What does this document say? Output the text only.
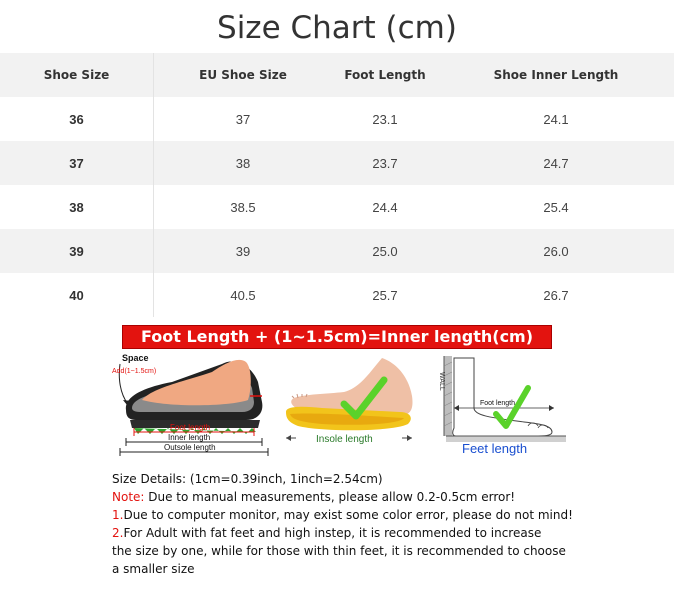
Size Chart (cm)
Shoe Size	EU Shoe Size	Foot Length	Shoe Inner Length
36	37	23.1	24.1
37	38	23.7	24.7
38	38.5	24.4	25.4
39	39	25.0	26.0
40	40.5	25.7	26.7
Foot Length + (1~1.5cm)=Inner length(cm)
Space
Add(1~1.5cm)
Foot length
Inner length
Outsole length
Insole length
WALL
Foot length
Feet length
Size Details: (1cm=0.39inch, 1inch=2.54cm)
Note: Due to manual measurements, please allow 0.2-0.5cm error!
1.Due to computer monitor, may exist some color error, please do not mind!
2.For Adult with fat feet and high instep, it is recommended to increase
the size by one, while for those with thin feet, it is recommended to choose
a smaller size
